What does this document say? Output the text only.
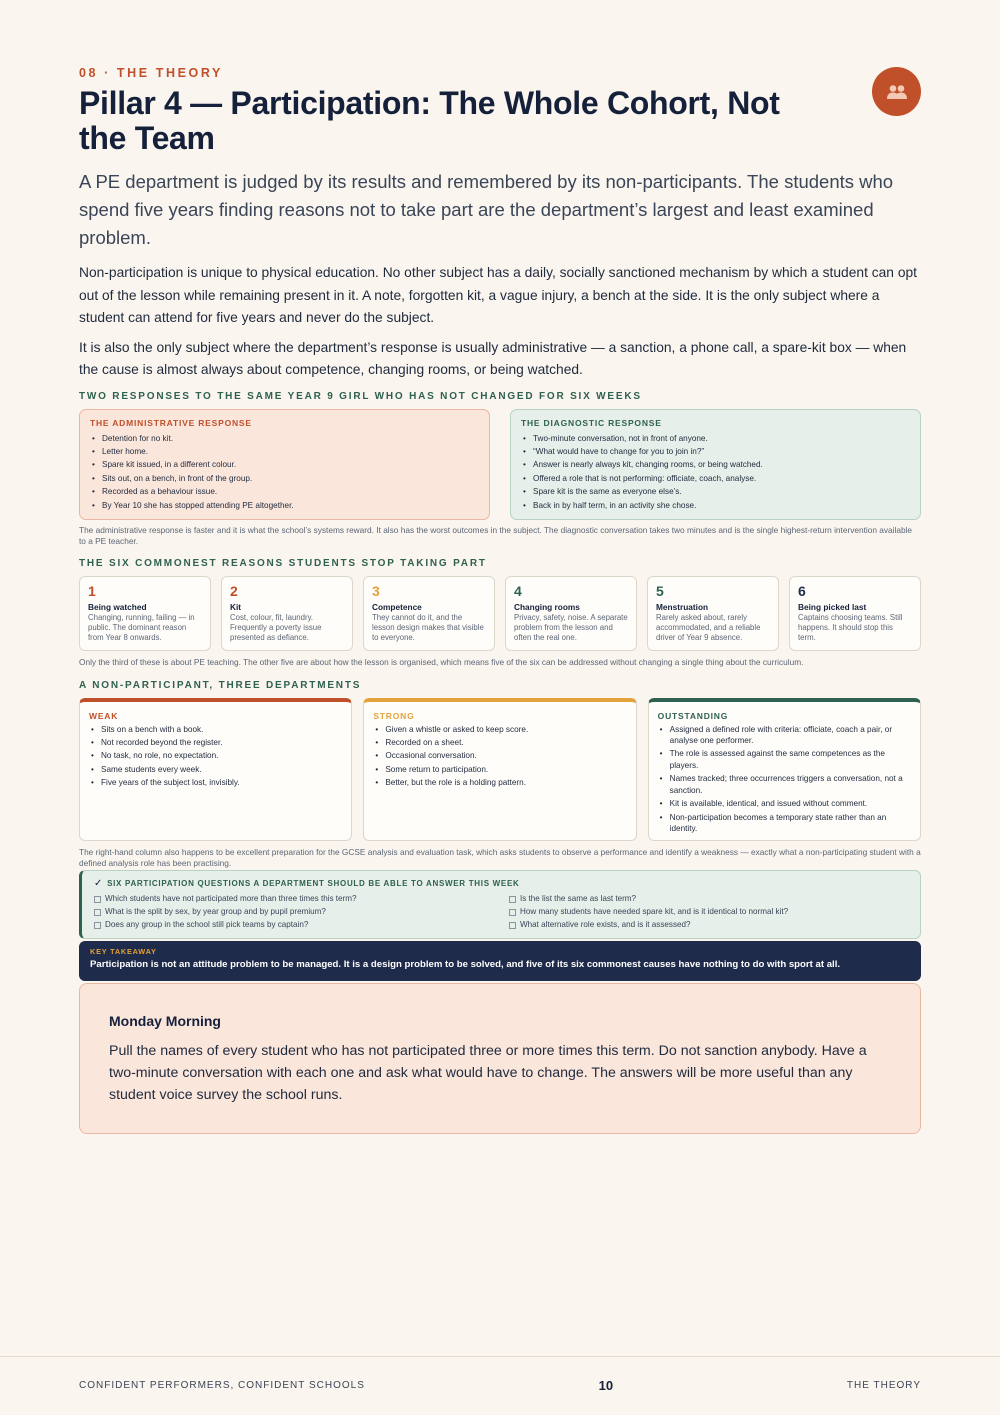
08 · THE THEORY
Pillar 4 — Participation: The Whole Cohort, Not the Team

A PE department is judged by its results and remembered by its non-participants. The students who spend five years finding reasons not to take part are the department’s largest and least examined problem.

Non-participation is unique to physical education. No other subject has a daily, socially sanctioned mechanism by which a student can opt out of the lesson while remaining present in it. A note, forgotten kit, a vague injury, a bench at the side. It is the only subject where a student can attend for five years and never do the subject.

It is also the only subject where the department’s response is usually administrative — a sanction, a phone call, a spare-kit box — when the cause is almost always about competence, changing rooms, or being watched.

TWO RESPONSES TO THE SAME YEAR 9 GIRL WHO HAS NOT CHANGED FOR SIX WEEKS
THE ADMINISTRATIVE RESPONSE
• Detention for no kit.
• Letter home.
• Spare kit issued, in a different colour.
• Sits out, on a bench, in front of the group.
• Recorded as a behaviour issue.
• By Year 10 she has stopped attending PE altogether.
THE DIAGNOSTIC RESPONSE
• Two-minute conversation, not in front of anyone.
• “What would have to change for you to join in?”
• Answer is nearly always kit, changing rooms, or being watched.
• Offered a role that is not performing: officiate, coach, analyse.
• Spare kit is the same as everyone else’s.
• Back in by half term, in an activity she chose.

The administrative response is faster and it is what the school’s systems reward. It also has the worst outcomes in the subject. The diagnostic conversation takes two minutes and is the single highest-return intervention available to a PE teacher.

THE SIX COMMONEST REASONS STUDENTS STOP TAKING PART
1
Being watched
Changing, running, failing — in public. The dominant reason from Year 8 onwards.
2
Kit
Cost, colour, fit, laundry. Frequently a poverty issue presented as defiance.
3
Competence
They cannot do it, and the lesson design makes that visible to everyone.
4
Changing rooms
Privacy, safety, noise. A separate problem from the lesson and often the real one.
5
Menstruation
Rarely asked about, rarely accommodated, and a reliable driver of Year 9 absence.
6
Being picked last
Captains choosing teams. Still happens. It should stop this term.

Only the third of these is about PE teaching. The other five are about how the lesson is organised, which means five of the six can be addressed without changing a single thing about the curriculum.

A NON-PARTICIPANT, THREE DEPARTMENTS
WEAK
• Sits on a bench with a book.
• Not recorded beyond the register.
• No task, no role, no expectation.
• Same students every week.
• Five years of the subject lost, invisibly.
STRONG
• Given a whistle or asked to keep score.
• Recorded on a sheet.
• Occasional conversation.
• Some return to participation.
• Better, but the role is a holding pattern.
OUTSTANDING
• Assigned a defined role with criteria: officiate, coach a pair, or analyse one performer.
• The role is assessed against the same competences as the players.
• Names tracked; three occurrences triggers a conversation, not a sanction.
• Kit is available, identical, and issued without comment.
• Non-participation becomes a temporary state rather than an identity.

The right-hand column also happens to be excellent preparation for the GCSE analysis and evaluation task, which asks students to observe a performance and identify a weakness — exactly what a non-participating student with a defined analysis role has been practising.

✓ SIX PARTICIPATION QUESTIONS A DEPARTMENT SHOULD BE ABLE TO ANSWER THIS WEEK
Which students have not participated more than three times this term?	Is the list the same as last term?
What is the split by sex, by year group and by pupil premium?	How many students have needed spare kit, and is it identical to normal kit?
Does any group in the school still pick teams by captain?	What alternative role exists, and is it assessed?
KEY TAKEAWAY
Participation is not an attitude problem to be managed. It is a design problem to be solved, and five of its six commonest causes have nothing to do with sport at all.
Monday Morning

Pull the names of every student who has not participated three or more times this term. Do not sanction anybody. Have a two-minute conversation with each one and ask what would have to change. The answers will be more useful than any student voice survey the school runs.

CONFIDENT PERFORMERS, CONFIDENT SCHOOLS	10	THE THEORY
